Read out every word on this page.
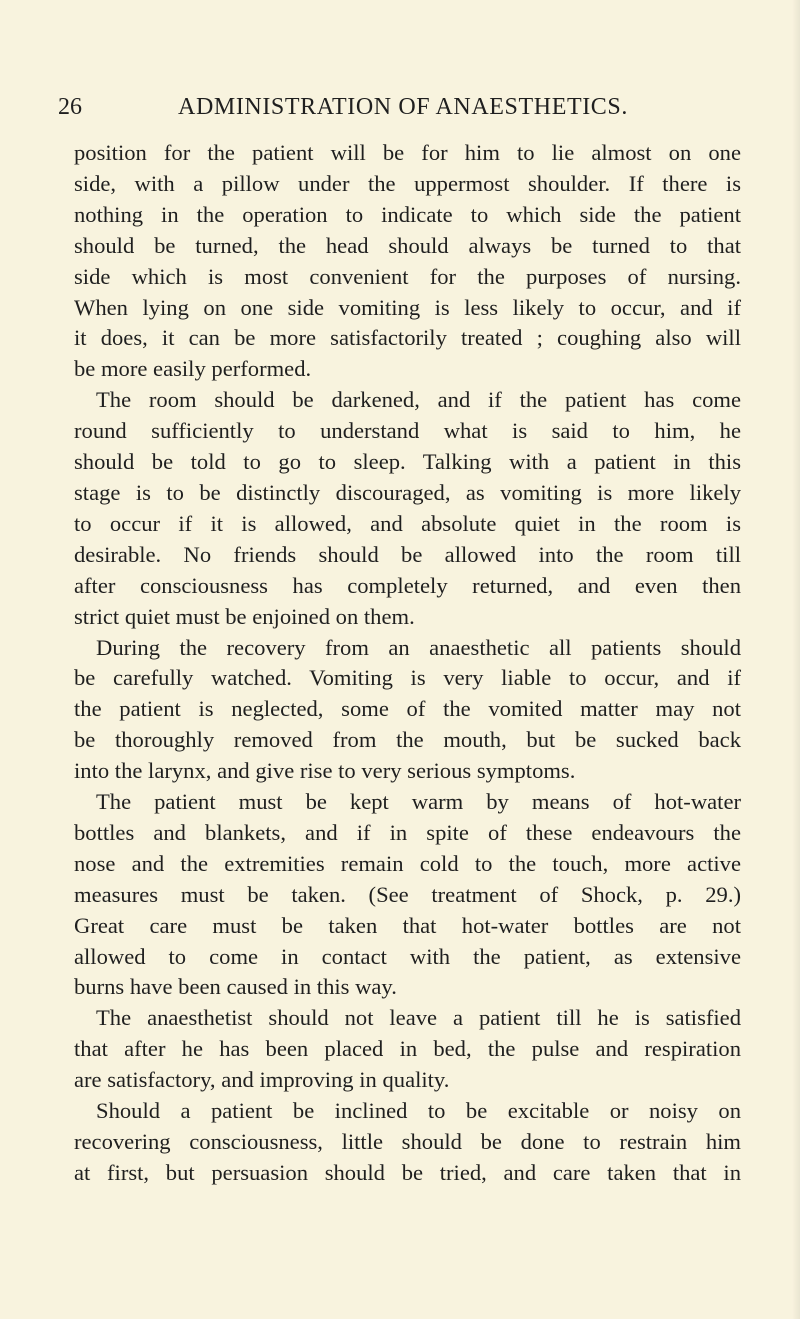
26	ADMINISTRATION OF ANAESTHETICS.
position for the patient will be for him to lie almost on one
side, with a pillow under the uppermost shoulder. If there is
nothing in the operation to indicate to which side the patient
should be turned, the head should always be turned to that
side which is most convenient for the purposes of nursing.
When lying on one side vomiting is less likely to occur, and if
it does, it can be more satisfactorily treated ; coughing also will
be more easily performed.
The room should be darkened, and if the patient has come
round sufficiently to understand what is said to him, he
should be told to go to sleep. Talking with a patient in this
stage is to be distinctly discouraged, as vomiting is more likely
to occur if it is allowed, and absolute quiet in the room is
desirable. No friends should be allowed into the room till
after consciousness has completely returned, and even then
strict quiet must be enjoined on them.
During the recovery from an anaesthetic all patients should
be carefully watched. Vomiting is very liable to occur, and if
the patient is neglected, some of the vomited matter may not
be thoroughly removed from the mouth, but be sucked back
into the larynx, and give rise to very serious symptoms.
The patient must be kept warm by means of hot-water
bottles and blankets, and if in spite of these endeavours the
nose and the extremities remain cold to the touch, more active
measures must be taken. (See treatment of Shock, p. 29.)
Great care must be taken that hot-water bottles are not
allowed to come in contact with the patient, as extensive
burns have been caused in this way.
The anaesthetist should not leave a patient till he is satisfied
that after he has been placed in bed, the pulse and respiration
are satisfactory, and improving in quality.
Should a patient be inclined to be excitable or noisy on
recovering consciousness, little should be done to restrain him
at first, but persuasion should be tried, and care taken that in
